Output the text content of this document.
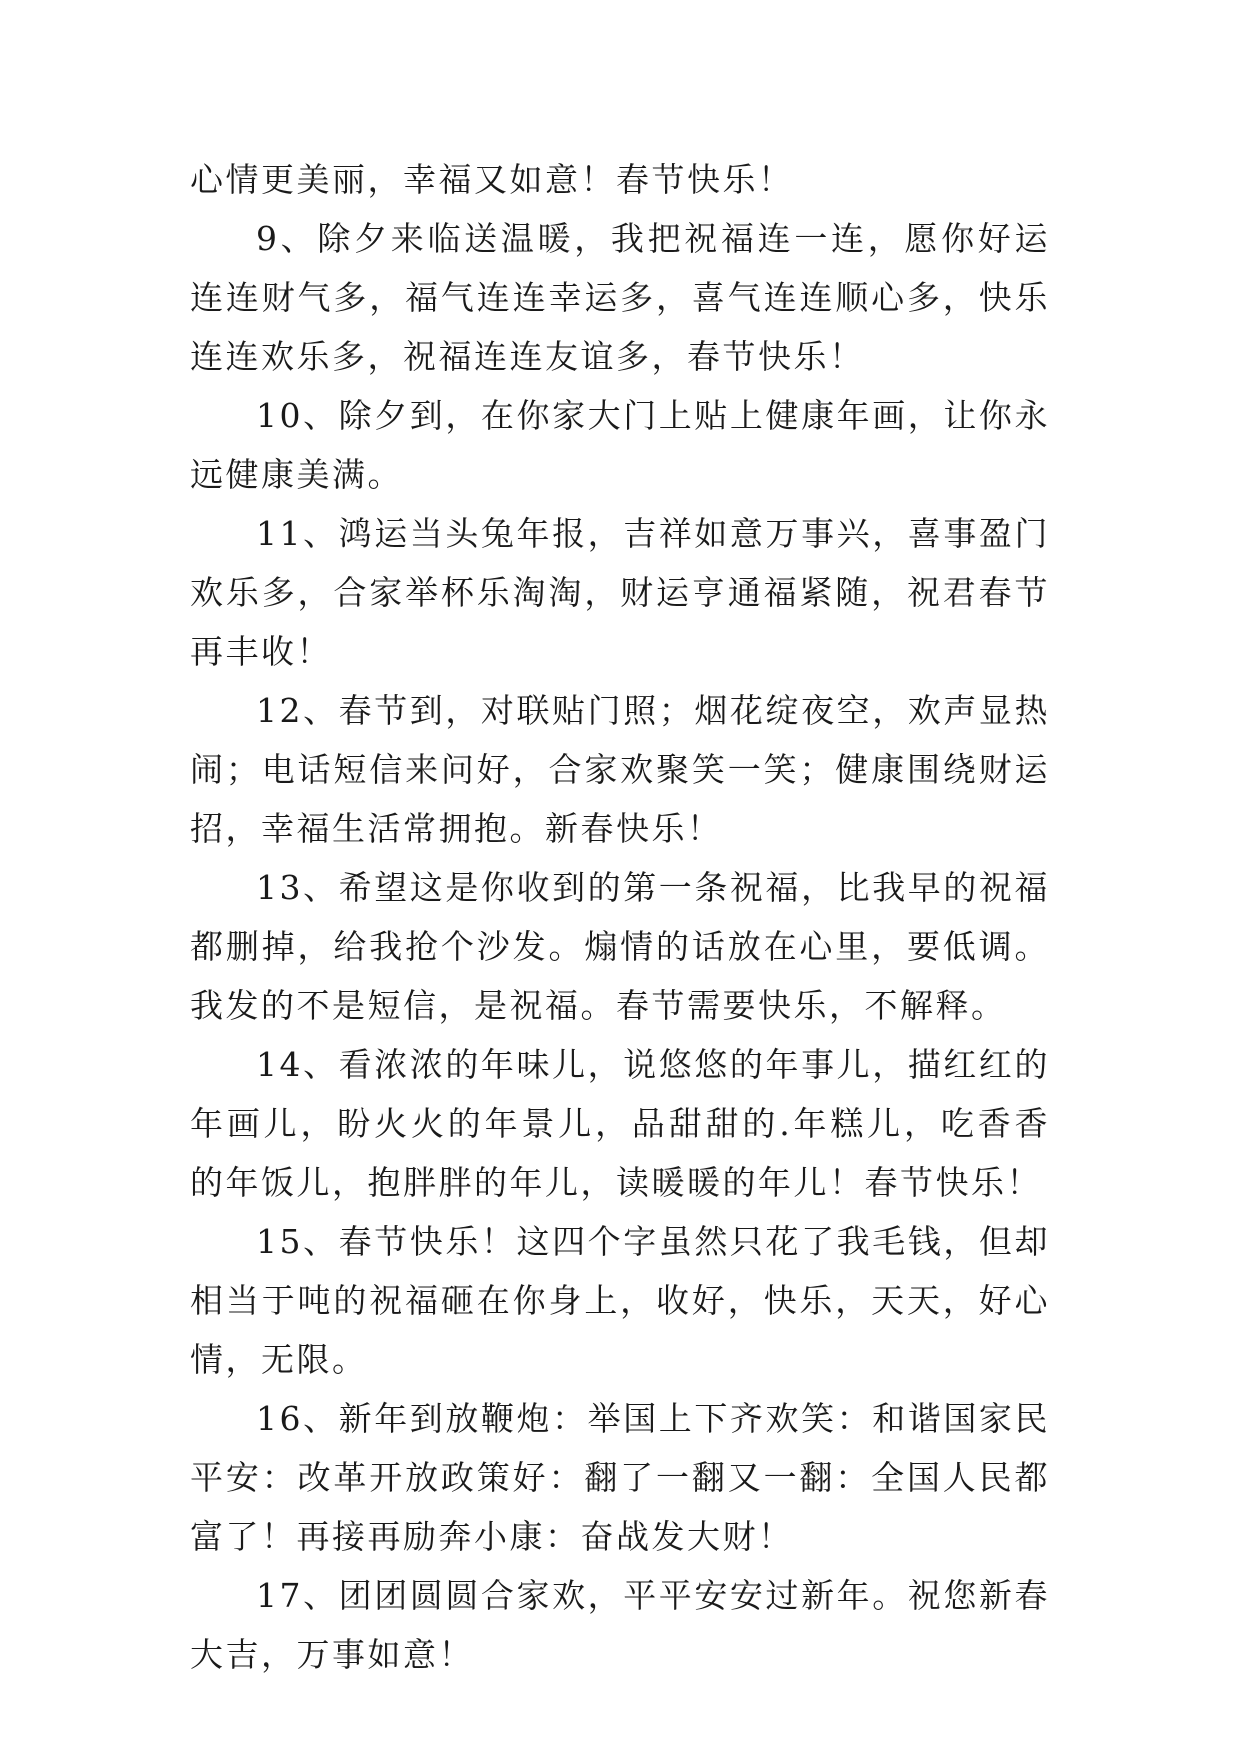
心情更美丽，幸福又如意！春节快乐！

9、除夕来临送温暖，我把祝福连一连，愿你好运连连财气多，福气连连幸运多，喜气连连顺心多，快乐连连欢乐多，祝福连连友谊多，春节快乐！

10、除夕到，在你家大门上贴上健康年画，让你永远健康美满。

11、鸿运当头兔年报，吉祥如意万事兴，喜事盈门欢乐多，合家举杯乐淘淘，财运亨通福紧随，祝君春节再丰收！

12、春节到，对联贴门照；烟花绽夜空，欢声显热闹；电话短信来问好，合家欢聚笑一笑；健康围绕财运招，幸福生活常拥抱。新春快乐！

13、希望这是你收到的第一条祝福，比我早的祝福都删掉，给我抢个沙发。煽情的话放在心里，要低调。我发的不是短信，是祝福。春节需要快乐，不解释。

14、看浓浓的年味儿，说悠悠的年事儿，描红红的年画儿，盼火火的年景儿，品甜甜的.年糕儿，吃香香的年饭儿，抱胖胖的年儿，读暖暖的年儿！春节快乐！

15、春节快乐！这四个字虽然只花了我毛钱，但却相当于吨的祝福砸在你身上，收好，快乐，天天，好心情，无限。

16、新年到放鞭炮：举国上下齐欢笑：和谐国家民平安：改革开放政策好：翻了一翻又一翻：全国人民都富了！再接再励奔小康：奋战发大财！

17、团团圆圆合家欢，平平安安过新年。祝您新春大吉，万事如意！
